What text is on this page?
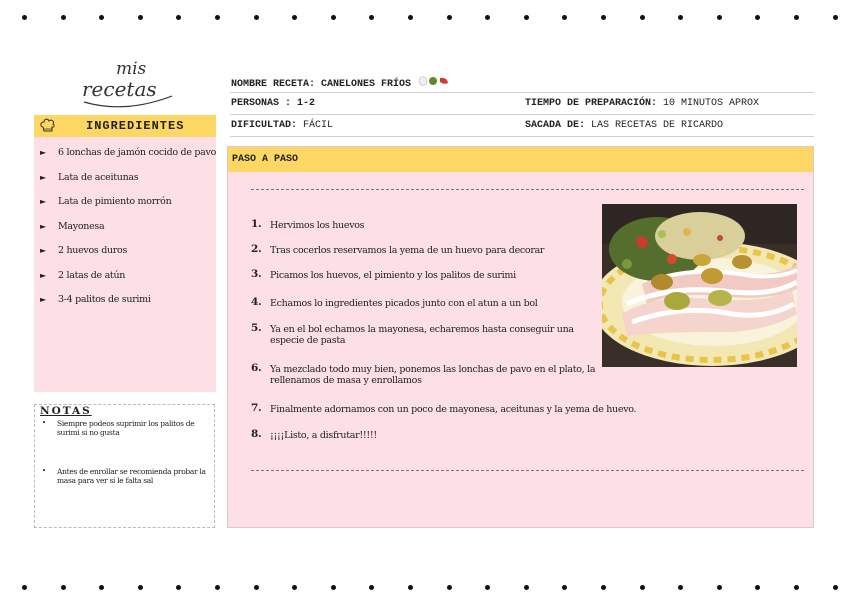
mis
recetas	NOMBRE RECETA: CANELONES FRÍOS
PERSONAS : 1-2	TIEMPO DE PREPARACIÓN: 10 MINUTOS APROX
DIFICULTAD: FÁCIL	SACADA DE: LAS RECETAS DE RICARDO
INGREDIENTES
► 6 lonchas de jamón cocido de pavo
► Lata de aceitunas
► Lata de pimiento morrón
► Mayonesa
► 2 huevos duros
► 2 latas de atún
► 3-4 palitos de surimi
NOTAS
• Siempre podeos suprimir los palitos de surimi si no gusta
• Antes de enrollar se recomienda probar la masa para ver si le falta sal
PASO A PASO
1. Hervimos los huevos
2. Tras cocerlos reservamos la yema de un huevo para decorar
3. Picamos los huevos, el pimiento y los palitos de surimi
4. Echamos lo ingredientes picados junto con el atun a un bol
5. Ya en el bol echamos la mayonesa, echaremos hasta conseguir una especie de pasta
6. Ya mezclado todo muy bien, ponemos las lonchas de pavo en el plato, la rellenamos de masa y enrollamos
7. Finalmente adornamos con un poco de mayonesa, aceitunas y la yema de huevo.
8. ¡¡¡¡Listo, a disfrutar!!!!!
